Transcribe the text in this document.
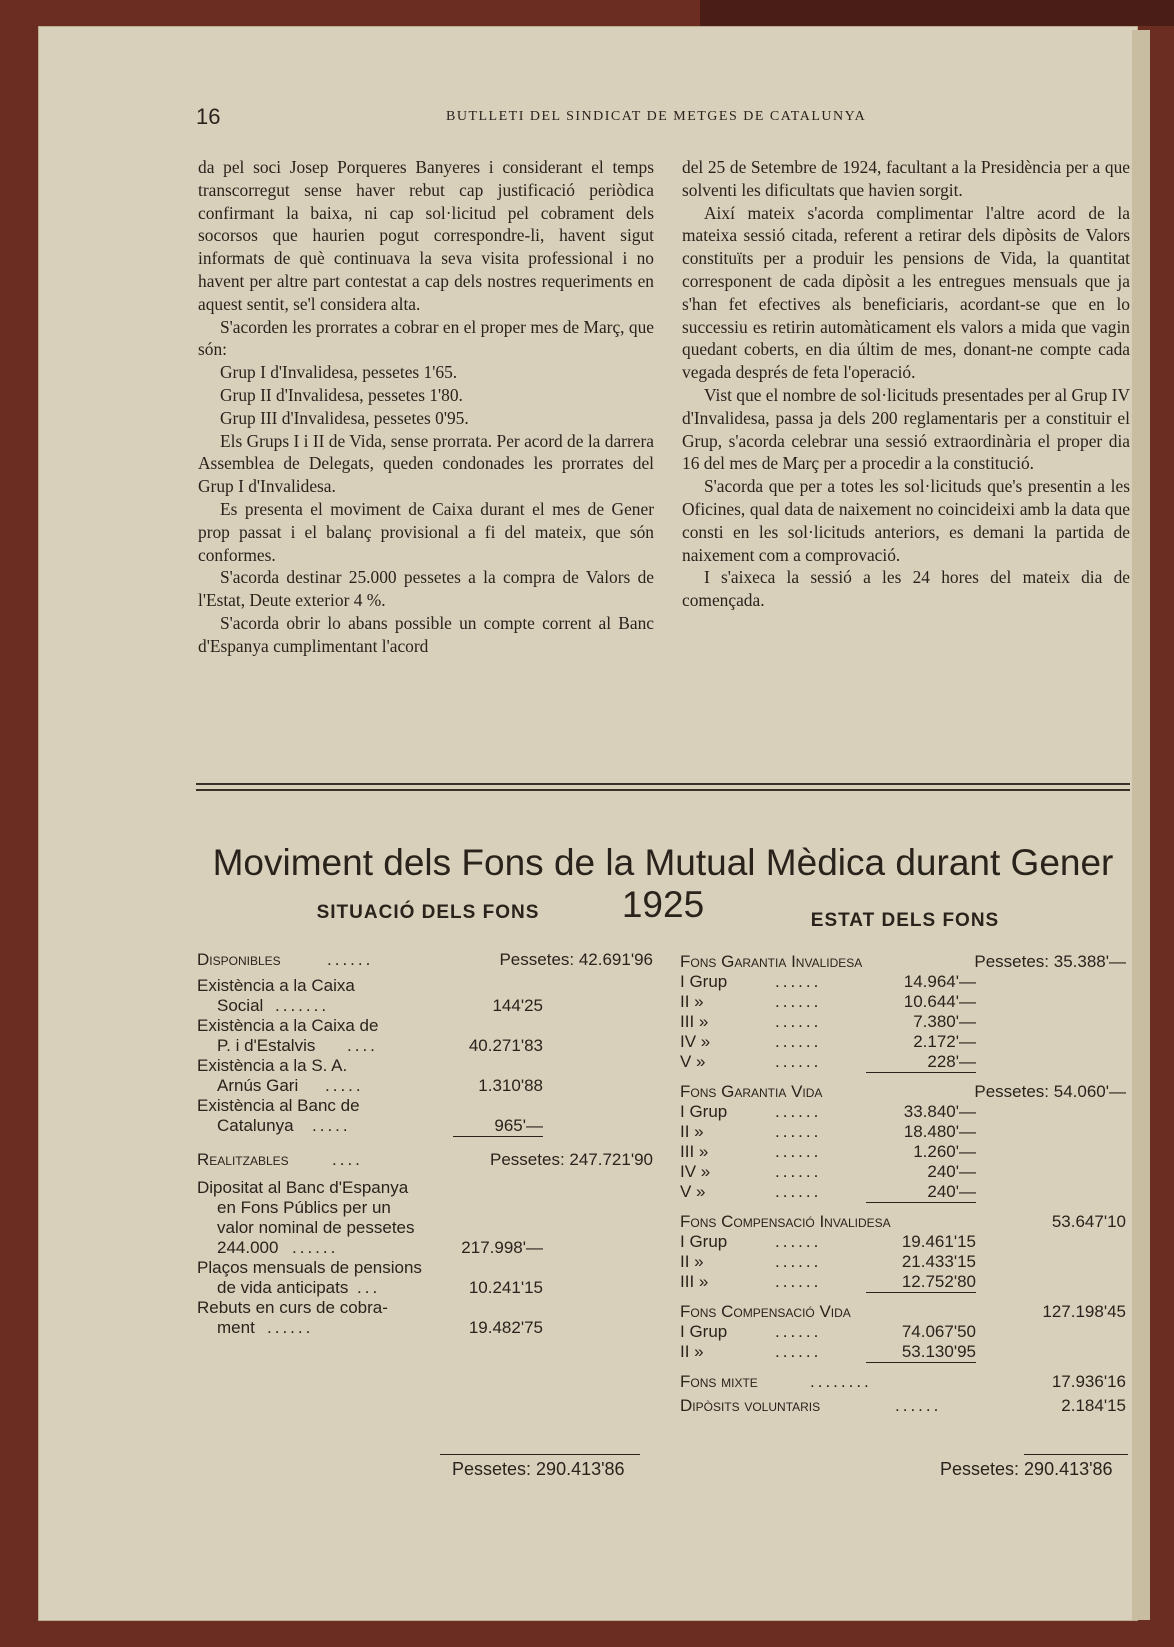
16	BUTLLETI DEL SINDICAT DE METGES DE CATALUNYA

da pel soci Josep Porqueres Banyeres i considerant el temps transcorregut sense haver rebut cap justificació periòdica confirmant la baixa, ni cap sol·licitud pel cobrament dels socorsos que haurien pogut correspondre-li, havent sigut informats de què continuava la seva visita professional i no havent per altre part contestat a cap dels nostres requeriments en aquest sentit, se'l considera alta.

S'acorden les prorrates a cobrar en el proper mes de Març, que són:

Grup I d'Invalidesa, pessetes 1'65.

Grup II d'Invalidesa, pessetes 1'80.

Grup III d'Invalidesa, pessetes 0'95.

Els Grups I i II de Vida, sense prorrata. Per acord de la darrera Assemblea de Delegats, queden condonades les prorrates del Grup I d'Invalidesa.

Es presenta el moviment de Caixa durant el mes de Gener prop passat i el balanç provisional a fi del mateix, que són conformes.

S'acorda destinar 25.000 pessetes a la compra de Valors de l'Estat, Deute exterior 4 %.

S'acorda obrir lo abans possible un compte corrent al Banc d'Espanya cumplimentant l'acord

del 25 de Setembre de 1924, facultant a la Presidència per a que solventi les dificultats que havien sorgit.

Així mateix s'acorda complimentar l'altre acord de la mateixa sessió citada, referent a retirar dels dipòsits de Valors constituïts per a produir les pensions de Vida, la quantitat corresponent de cada dipòsit a les entregues mensuals que ja s'han fet efectives als beneficiaris, acordant-se que en lo successiu es retirin automàticament els valors a mida que vagin quedant coberts, en dia últim de mes, donant-ne compte cada vegada després de feta l'operació.

Vist que el nombre de sol·licituds presentades per al Grup IV d'Invalidesa, passa ja dels 200 reglamentaris per a constituir el Grup, s'acorda celebrar una sessió extraordinària el proper dia 16 del mes de Març per a procedir a la constitució.

S'acorda que per a totes les sol·licituds que's presentin a les Oficines, qual data de naixement no coincideixi amb la data que consti en les sol·licituds anteriors, es demani la partida de naixement com a comprovació.

I s'aixeca la sessió a les 24 hores del mateix dia de començada.

Moviment dels Fons de la Mutual Mèdica durant Gener 1925
SITUACIÓ DELS FONS	ESTAT DELS FONS
Disponibles	......	Pessetes: 42.691'96
Existència a la Caixa
Social .......	144'25
Existència a la Caixa de
P. i d'Estalvis ....	40.271'83
Existència a la S. A.
Arnús Gari .....	1.310'88
Existència al Banc de
Catalunya .....	965'—
Realitzables	....	Pessetes: 247.721'90
Dipositat al Banc d'Espanya
en Fons Públics per un
valor nominal de pessetes
244.000 ......	217.998'—
Plaços mensuals de pensions
de vida anticipats ...	10.241'15
Rebuts en curs de cobra-
ment ......	19.482'75
Pessetes: 290.413'86
Fons Garantia Invalidesa	Pessetes: 35.388'—
I Grup	......	14.964'—
II »	......	10.644'—
III »	......	7.380'—
IV »	......	2.172'—
V »	......	228'—
Fons Garantia Vida	Pessetes: 54.060'—
I Grup	......	33.840'—
II »	......	18.480'—
III »	......	1.260'—
IV »	......	240'—
V »	......	240'—
Fons Compensació Invalidesa	53.647'10
I Grup	......	19.461'15
II »	......	21.433'15
III »	......	12.752'80
Fons Compensació Vida	127.198'45
I Grup	......	74.067'50
II »	......	53.130'95
Fons mixte	........	17.936'16
Dipòsits voluntaris	......	2.184'15
Pessetes: 290.413'86
